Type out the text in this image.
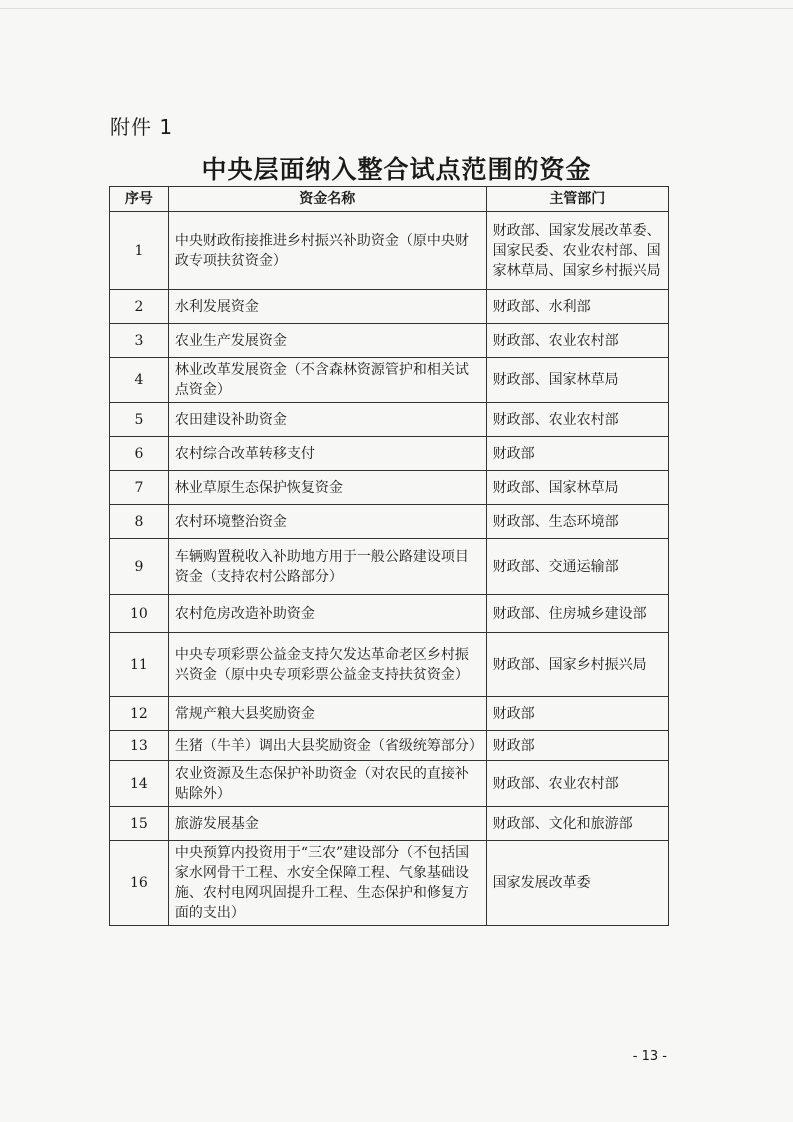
附件 1
中央层面纳入整合试点范围的资金
序号	资金名称	主管部门
1	中央财政衔接推进乡村振兴补助资金（原中央财政专项扶贫资金）	财政部、国家发展改革委、国家民委、农业农村部、国家林草局、国家乡村振兴局
2	水利发展资金	财政部、水利部
3	农业生产发展资金	财政部、农业农村部
4	林业改革发展资金（不含森林资源管护和相关试点资金）	财政部、国家林草局
5	农田建设补助资金	财政部、农业农村部
6	农村综合改革转移支付	财政部
7	林业草原生态保护恢复资金	财政部、国家林草局
8	农村环境整治资金	财政部、生态环境部
9	车辆购置税收入补助地方用于一般公路建设项目资金（支持农村公路部分）	财政部、交通运输部
10	农村危房改造补助资金	财政部、住房城乡建设部
11	中央专项彩票公益金支持欠发达革命老区乡村振兴资金（原中央专项彩票公益金支持扶贫资金）	财政部、国家乡村振兴局
12	常规产粮大县奖励资金	财政部
13	生猪（牛羊）调出大县奖励资金（省级统筹部分）	财政部
14	农业资源及生态保护补助资金（对农民的直接补贴除外）	财政部、农业农村部
15	旅游发展基金	财政部、文化和旅游部
16	中央预算内投资用于“三农”建设部分（不包括国家水网骨干工程、水安全保障工程、气象基础设施、农村电网巩固提升工程、生态保护和修复方面的支出）	国家发展改革委
- 13 -
